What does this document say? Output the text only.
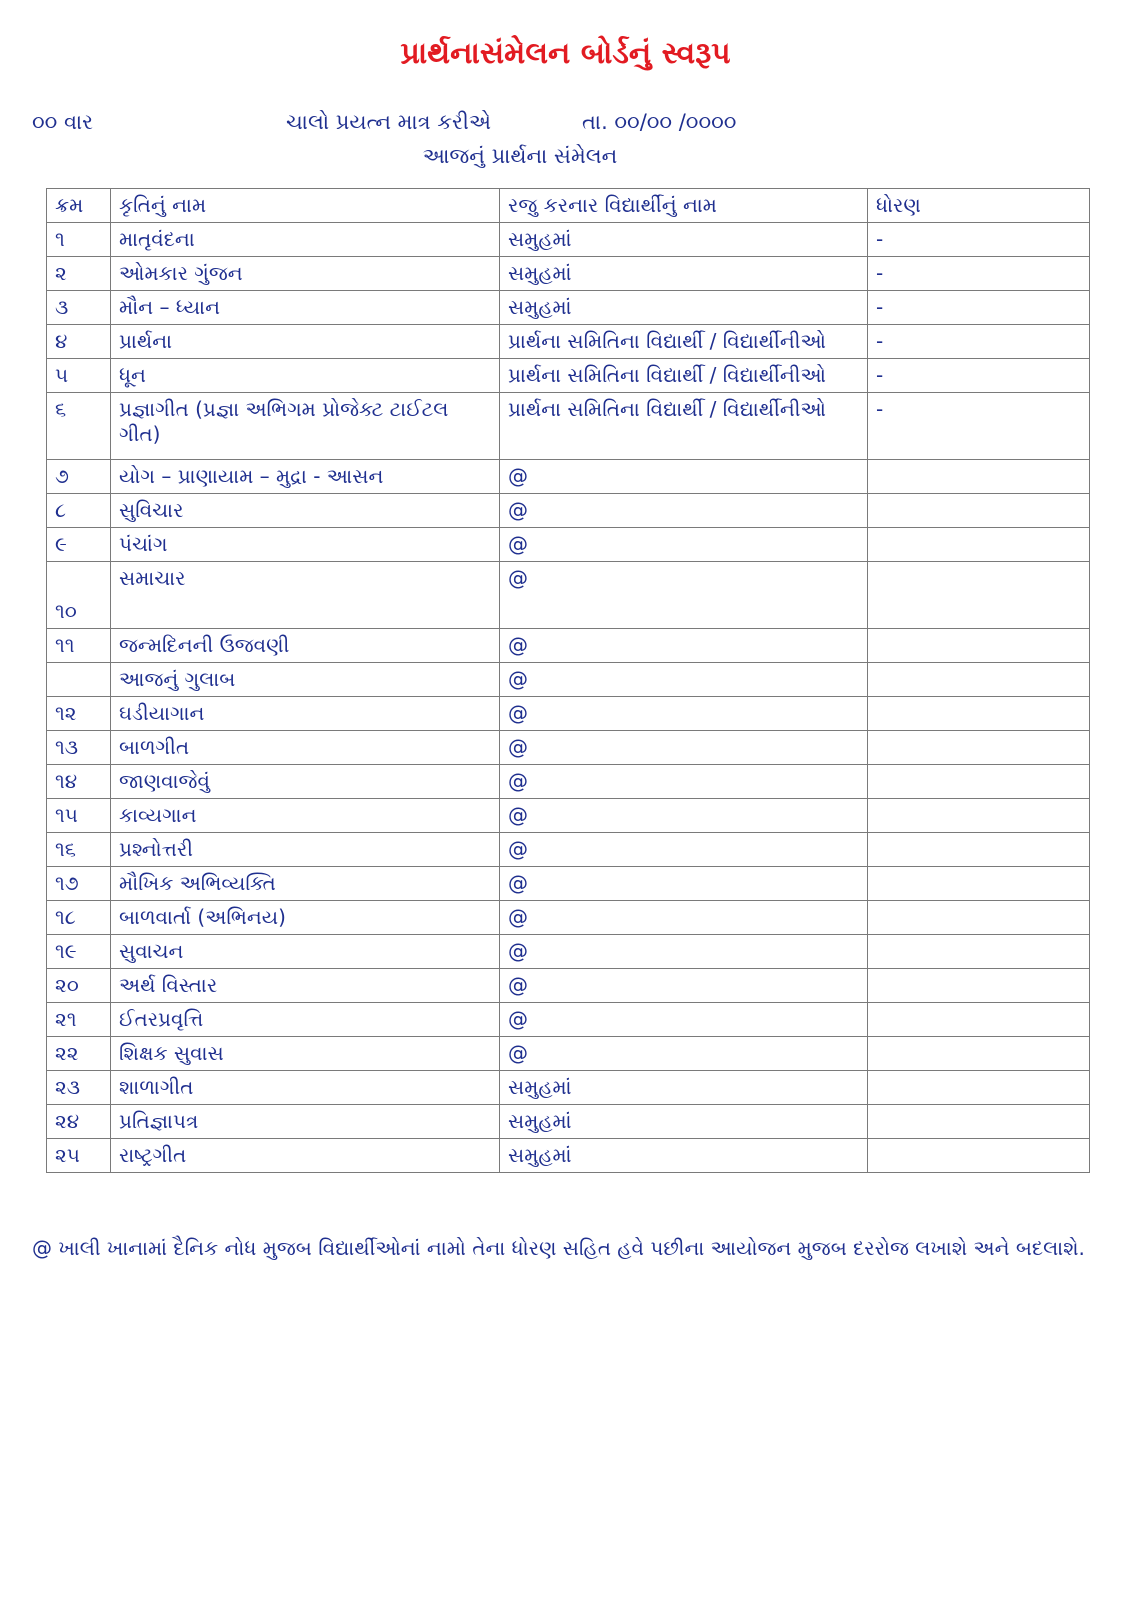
પ્રાર્થનાસંમેલન બોર્ડનું સ્વરૂપ
૦૦ વાર	ચાલો પ્રયત્ન માત્ર કરીએ	તા. ૦૦/૦૦ /૦૦૦૦
આજનું પ્રાર્થના સંમેલન
ક્રમ	કૃતિનું નામ	રજુ કરનાર વિદ્યાર્થીનું નામ	ધોરણ
૧	માતૃવંદના	સમુહમાં	-
૨	ઓમકાર ગુંજન	સમુહમાં	-
૩	મૌન – ધ્યાન	સમુહમાં	-
૪	પ્રાર્થના	પ્રાર્થના સમિતિના વિદ્યાર્થી / વિદ્યાર્થીનીઓ	-
૫	ધૂન	પ્રાર્થના સમિતિના વિદ્યાર્થી / વિદ્યાર્થીનીઓ	-
૬	પ્રજ્ઞાગીત (પ્રજ્ઞા અભિગમ પ્રોજેક્ટ ટાઈટલ ગીત)	પ્રાર્થના સમિતિના વિદ્યાર્થી / વિદ્યાર્થીનીઓ	-
૭	યોગ – પ્રાણાયામ – મુદ્રા - આસન	@	
૮	સુવિચાર	@	
૯	પંચાંગ	@	
૧૦	સમાચાર	@	
૧૧	જન્મદિનની ઉજવણી	@	
	આજનું ગુલાબ	@	
૧૨	ઘડીયાગાન	@	
૧૩	બાળગીત	@	
૧૪	જાણવાજેવું	@	
૧૫	કાવ્યગાન	@	
૧૬	પ્રશ્નોત્તરી	@	
૧૭	મૌખિક અભિવ્યક્તિ	@	
૧૮	બાળવાર્તા (અભિનય)	@	
૧૯	સુવાચન	@	
૨૦	અર્થ વિસ્તાર	@	
૨૧	ઈતરપ્રવૃત્તિ	@	
૨૨	શિક્ષક સુવાસ	@	
૨૩	શાળાગીત	સમુહમાં	
૨૪	પ્રતિજ્ઞાપત્ર	સમુહમાં	
૨૫	રાષ્ટ્રગીત	સમુહમાં	
@ ખાલી ખાનામાં દૈનિક નોધ મુજબ વિદ્યાર્થીઓનાં નામો તેના ધોરણ સહિત હવે પછીના આયોજન મુજબ દરરોજ લખાશે અને બદલાશે.
